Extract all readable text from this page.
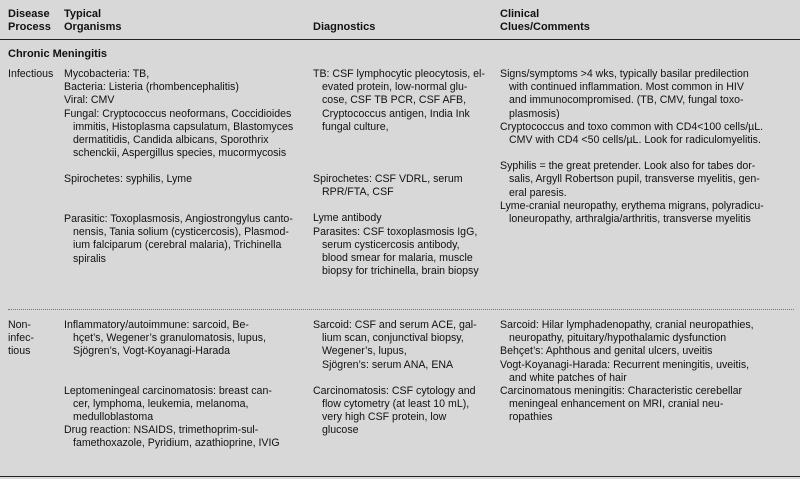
Disease
Process
Typical
Organisms	Diagnostics
Clinical
Clues/Comments
Chronic Meningitis
Infectious Mycobacteria: TB,
Bacteria: Listeria (rhombencephalitis)
Viral: CMV
Fungal: Cryptococcus neoformans, Coccidioides
immitis, Histoplasma capsulatum, Blastomyces
dermatitidis, Candida albicans, Sporothrix
schenckii, Aspergillus species, mucormycosis
Spirochetes: syphilis, Lyme

Parasitic: Toxoplasmosis, Angiostrongylus canto-
nensis, Tania solium (cysticercosis), Plasmod-
ium falciparum (cerebral malaria), Trichinella
spiralis
TB: CSF lymphocytic pleocytosis, el-
evated protein, low-normal glu-
cose, CSF TB PCR, CSF AFB,
Cryptococcus antigen, India Ink
fungal culture,
Spirochetes: CSF VDRL, serum
RPR/FTA, CSF
Lyme antibody
Parasites: CSF toxoplasmosis IgG,
serum cysticercosis antibody,
blood smear for malaria, muscle
biopsy for trichinella, brain biopsy
Signs/symptoms >4 wks, typically basilar predilection
with continued inflammation. Most common in HIV
and immunocompromised. (TB, CMV, fungal toxo-
plasmosis)
Cryptococcus and toxo common with CD4<100 cells/µL.
CMV with CD4 <50 cells/µL. Look for radiculomyelitis.
Syphilis = the great pretender. Look also for tabes dor-
salis, Argyll Robertson pupil, transverse myelitis, gen-
eral paresis.
Lyme-cranial neuropathy, erythema migrans, polyradicu-
loneuropathy, arthralgia/arthritis, transverse myelitis
Non-
infec-
tious
Inflammatory/autoimmune: sarcoid, Be-
hçet’s, Wegener’s granulomatosis, lupus,
Sjögren’s, Vogt-Koyanagi-Harada
Leptomeningeal carcinomatosis: breast can-
cer, lymphoma, leukemia, melanoma,
medulloblastoma
Drug reaction: NSAIDS, trimethoprim-sul-
famethoxazole, Pyridium, azathioprine, IVIG
Sarcoid: CSF and serum ACE, gal-
lium scan, conjunctival biopsy,
Wegener’s, lupus,
Sjögren’s: serum ANA, ENA
Carcinomatosis: CSF cytology and
flow cytometry (at least 10 mL),
very high CSF protein, low
glucose
Sarcoid: Hilar lymphadenopathy, cranial neuropathies,
neuropathy, pituitary/hypothalamic dysfunction
Behçet’s: Aphthous and genital ulcers, uveitis
Vogt-Koyanagi-Harada: Recurrent meningitis, uveitis,
and white patches of hair
Carcinomatous meningitis: Characteristic cerebellar
meningeal enhancement on MRI, cranial neu-
ropathies
